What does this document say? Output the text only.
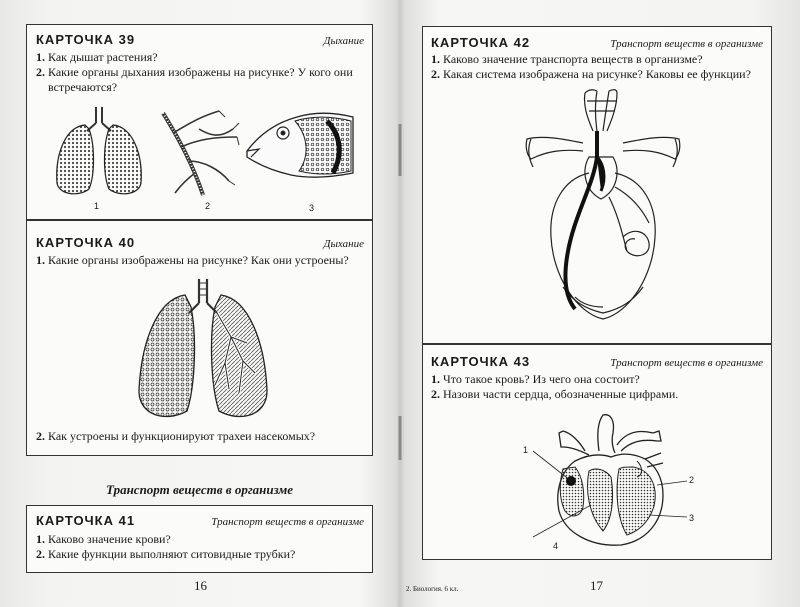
КАРТОЧКА 39	Дыхание
1. Как дышат растения?
2. Какие органы дыхания изображены на рисунке? У кого они
встречаются?
1	2	3
КАРТОЧКА 40	Дыхание
1. Какие органы изображены на рисунке? Как они устроены?
2. Как устроены и функционируют трахеи насекомых?
Транспорт веществ в организме
КАРТОЧКА 41	Транспорт веществ в организме
1. Каково значение крови?
2. Какие функции выполняют ситовидные трубки?
16
КАРТОЧКА 42	Транспорт веществ в организме
1. Каково значение транспорта веществ в организме?
2. Какая система изображена на рисунке? Каковы ее функции?
КАРТОЧКА 43	Транспорт веществ в организме
1. Что такое кровь? Из чего она состоит?
2. Назови части сердца, обозначенные цифрами.
1
2
3
4
2. Биология. 6 кл.	17
